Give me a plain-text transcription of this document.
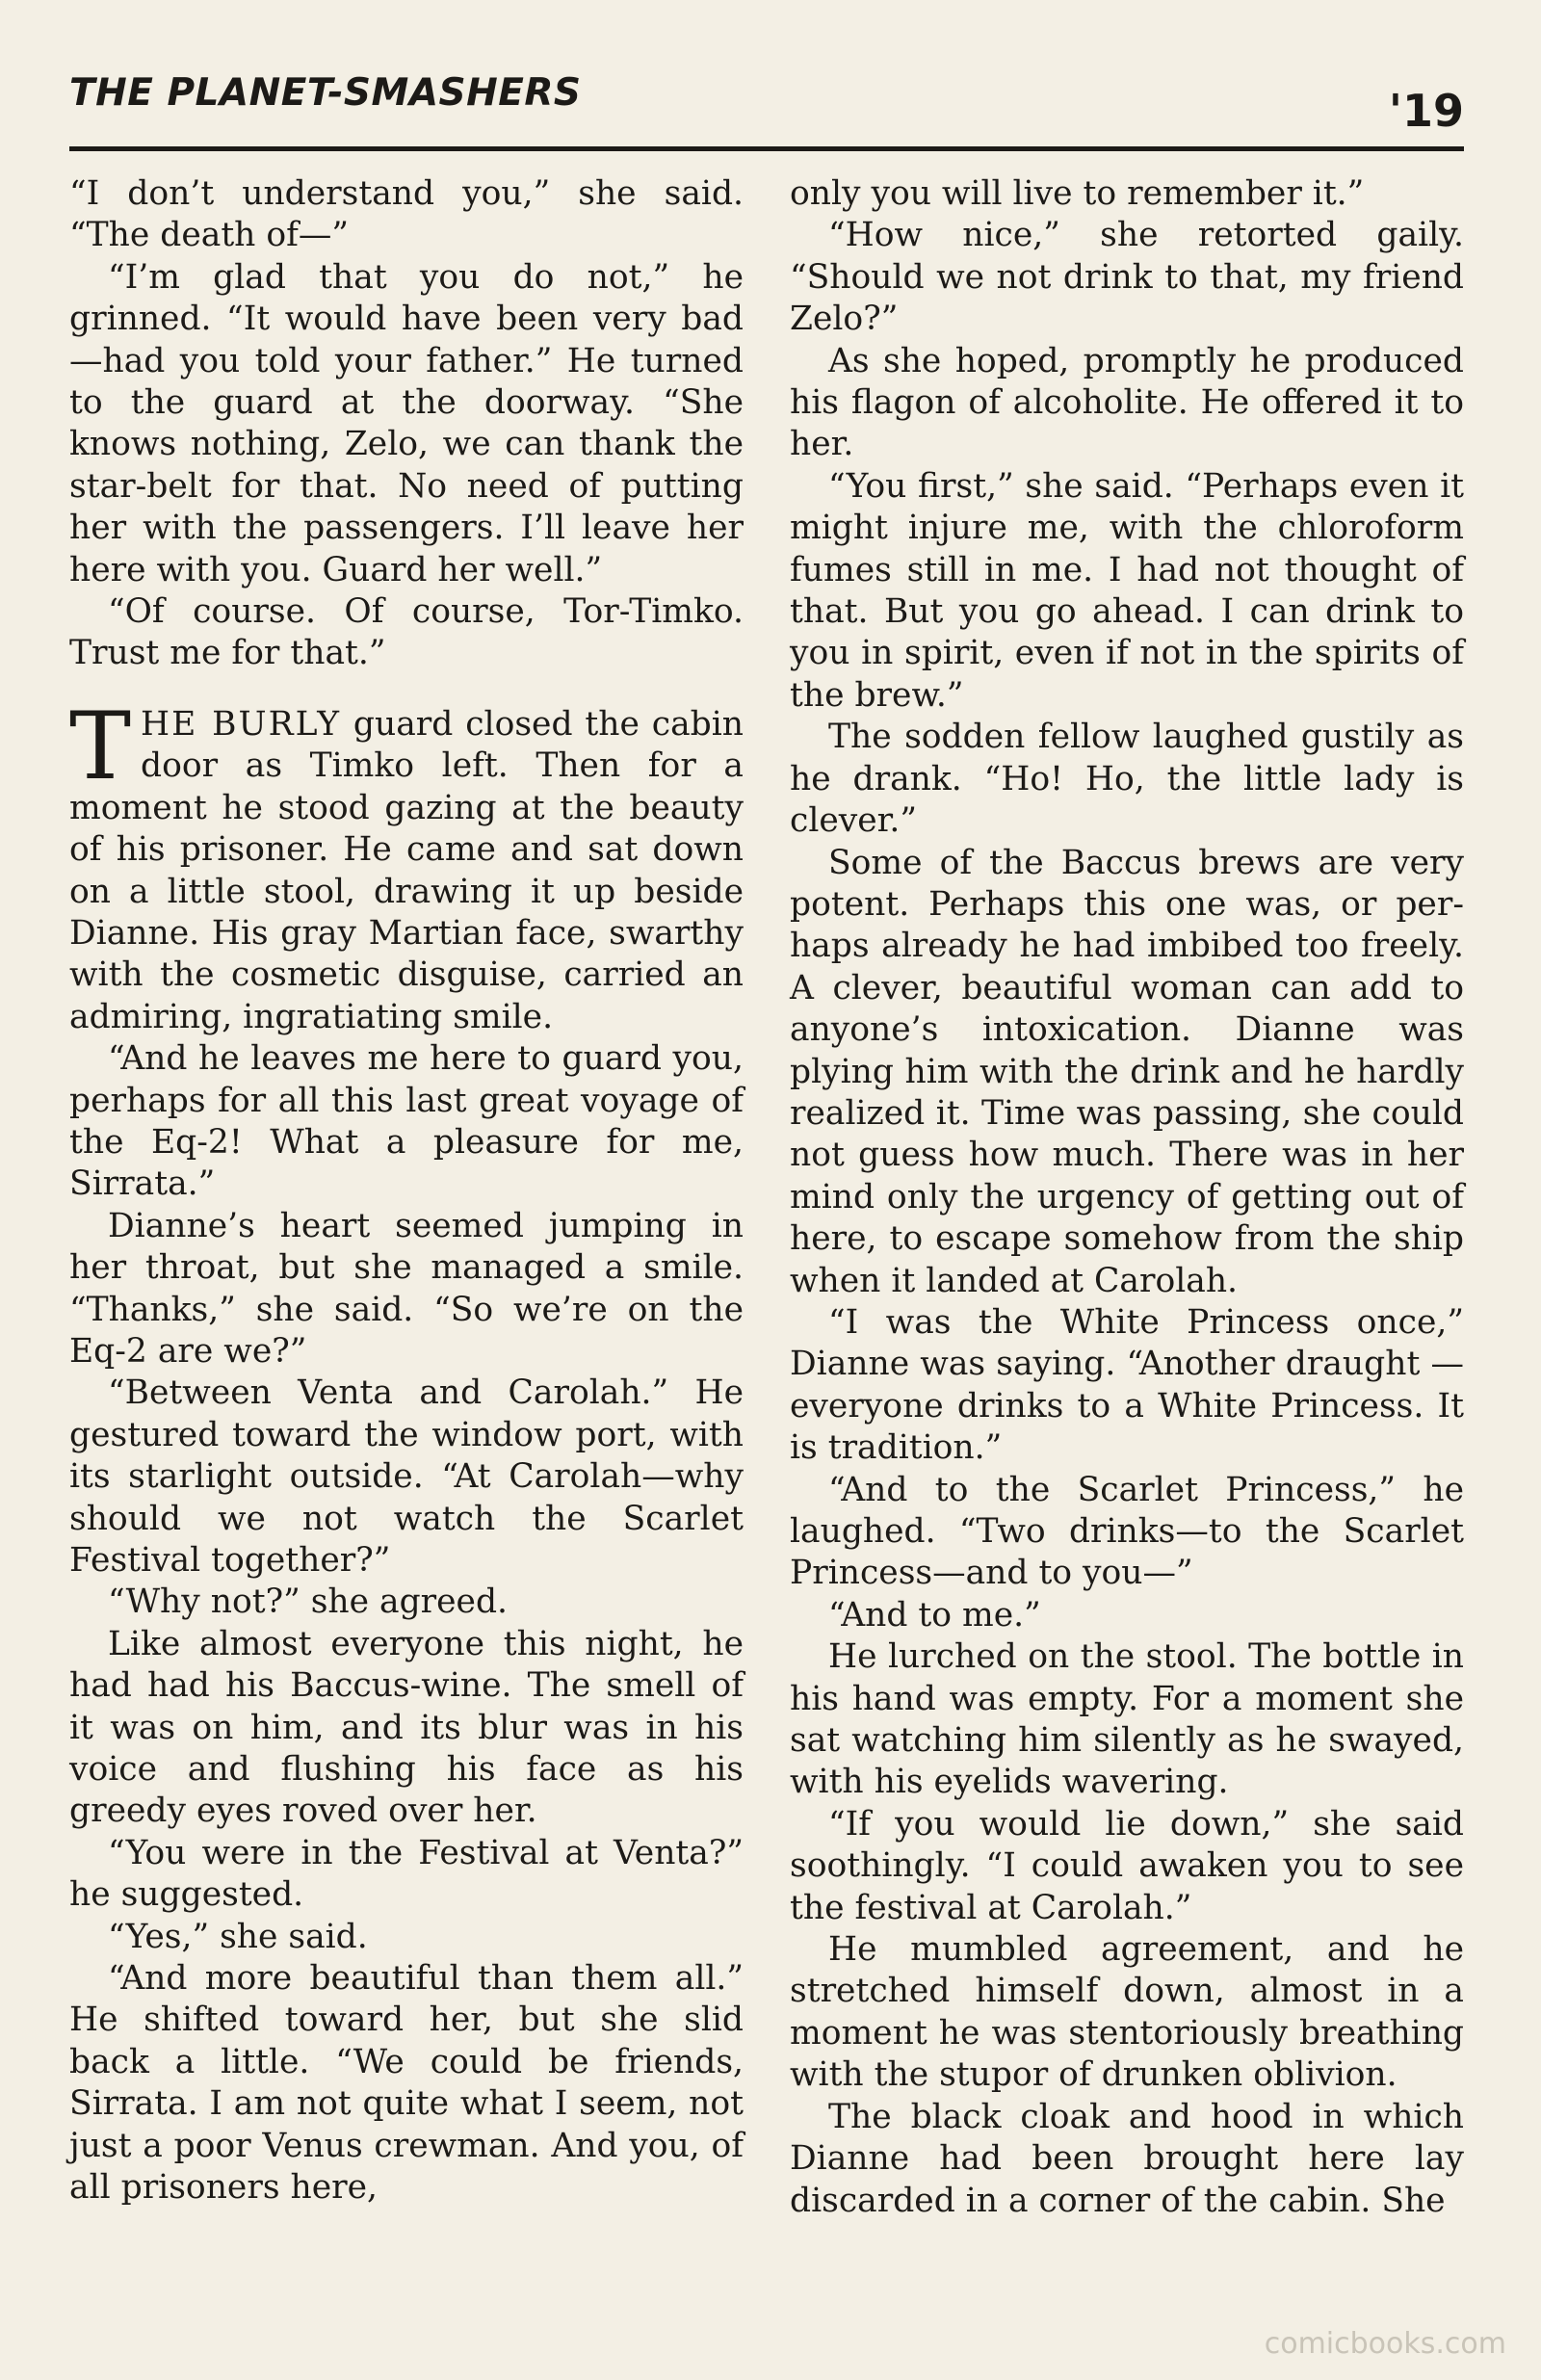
THE PLANET-SMASHERS	'19

“I don’t understand you,” she said. “The death of—”

“I’m glad that you do not,” he grinned. “It would have been very bad—had you told your father.” He turned to the guard at the doorway. “She knows nothing, Zelo, we can thank the star-belt for that. No need of putting her with the passengers. I’ll leave her here with you. Guard her well.”

“Of course. Of course, Tor-Timko. Trust me for that.”

THE BURLY guard closed the cabin door as Timko left. Then for a moment he stood gazing at the beauty of his prisoner. He came and sat down on a little stool, drawing it up beside Dianne. His gray Martian face, swarthy with the cosmetic disguise, carried an admiring, ingratiating smile.

“And he leaves me here to guard you, perhaps for all this last great voyage of the Eq-2! What a pleasure for me, Sirrata.”

Dianne’s heart seemed jumping in her throat, but she managed a smile. “Thanks,” she said. “So we’re on the Eq-2 are we?”

“Between Venta and Carolah.” He gestured toward the window port, with its starlight outside. “At Carolah—why should we not watch the Scarlet Festival together?”

“Why not?” she agreed.

Like almost everyone this night, he had had his Baccus-wine. The smell of it was on him, and its blur was in his voice and flushing his face as his greedy eyes roved over her.

“You were in the Festival at Venta?” he suggested.

“Yes,” she said.

“And more beautiful than them all.” He shifted toward her, but she slid back a little. “We could be friends, Sirrata. I am not quite what I seem, not just a poor Venus crewman. And you, of all prisoners here,

only you will live to remember it.”

“How nice,” she retorted gaily. “Should we not drink to that, my friend Zelo?”

As she hoped, promptly he produced his flagon of alcoholite. He offered it to her.

“You first,” she said. “Perhaps even it might injure me, with the chloroform fumes still in me. I had not thought of that. But you go ahead. I can drink to you in spirit, even if not in the spirits of the brew.”

The sodden fellow laughed gustily as he drank. “Ho! Ho, the little lady is clever.”

Some of the Baccus brews are very potent. Perhaps this one was, or perhaps already he had imbibed too freely. A clever, beautiful woman can add to anyone’s intoxication. Dianne was plying him with the drink and he hardly realized it. Time was passing, she could not guess how much. There was in her mind only the urgency of getting out of here, to escape somehow from the ship when it landed at Carolah.

“I was the White Princess once,” Dianne was saying. “Another draught —everyone drinks to a White Princess. It is tradition.”

“And to the Scarlet Princess,” he laughed. “Two drinks—to the Scarlet Princess—and to you—”

“And to me.”

He lurched on the stool. The bottle in his hand was empty. For a moment she sat watching him silently as he swayed, with his eyelids wavering.

“If you would lie down,” she said soothingly. “I could awaken you to see the festival at Carolah.”

He mumbled agreement, and he stretched himself down, almost in a moment he was stentoriously breathing with the stupor of drunken oblivion.

The black cloak and hood in which Dianne had been brought here lay discarded in a corner of the cabin. She

comicbooks.com
